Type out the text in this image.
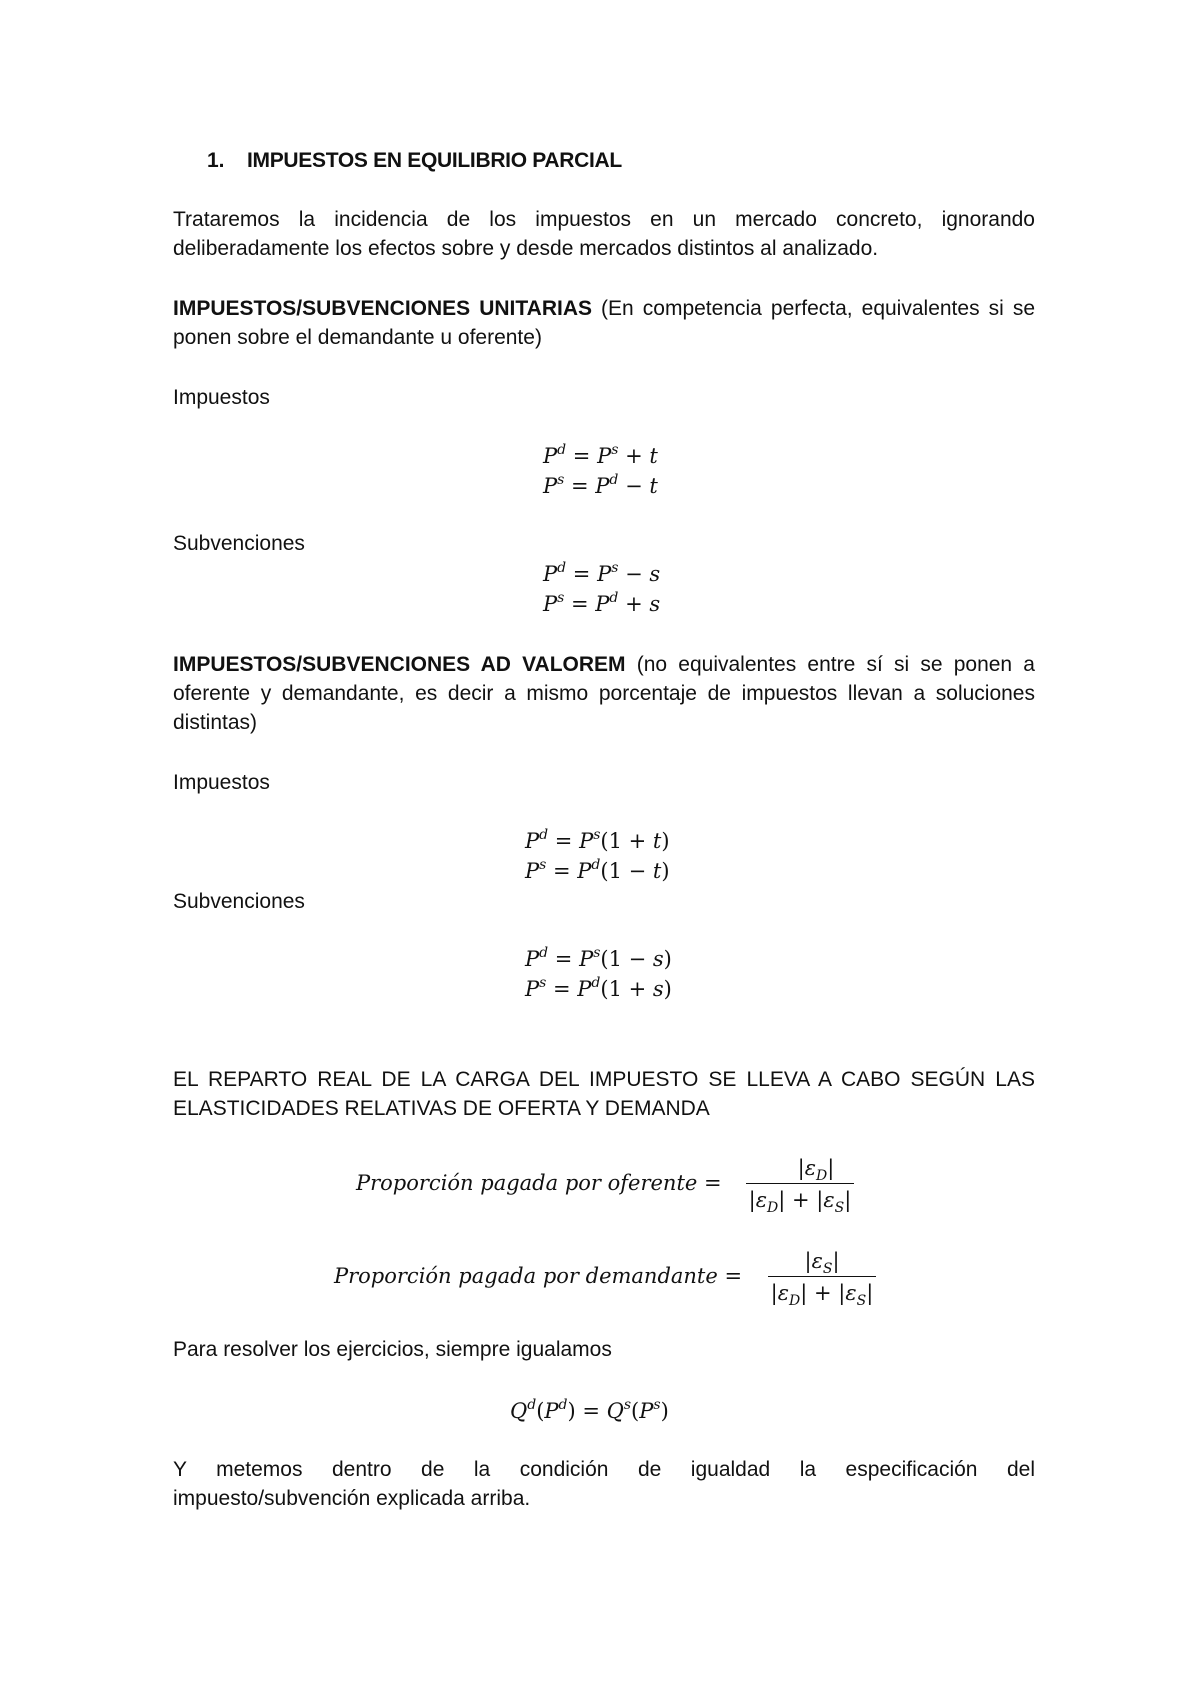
1. IMPUESTOS EN EQUILIBRIO PARCIAL
Trataremos la incidencia de los impuestos en un mercado concreto, ignorando deliberadamente los efectos sobre y desde mercados distintos al analizado.
IMPUESTOS/SUBVENCIONES UNITARIAS (En competencia perfecta, equivalentes si se
ponen sobre el demandante u oferente)
Impuestos
$P^d = P^s + t$
$P^s = P^d - t$
Subvenciones
$P^d = P^s - s$
$P^s = P^d + s$
IMPUESTOS/SUBVENCIONES AD VALOREM (no equivalentes entre sí si se ponen a
oferente y demandante, es decir a mismo porcentaje de impuestos llevan a soluciones
distintas)
Impuestos
$P^d = P^s(1 + t)$
$P^s = P^d(1 - t)$
Subvenciones
$P^d = P^s(1 - s)$
$P^s = P^d(1 + s)$
EL REPARTO REAL DE LA CARGA DEL IMPUESTO SE LLEVA A CABO SEGÚN LAS
ELASTICIDADES RELATIVAS DE OFERTA Y DEMANDA
Proporción pagada por oferente =
$|\varepsilon_D|$
$|\varepsilon_D| + |\varepsilon_S|$
Proporción pagada por demandante =
$|\varepsilon_S|$
$|\varepsilon_D| + |\varepsilon_S|$
Para resolver los ejercicios, siempre igualamos
$Q^d(P^d) = Q^s(P^s)$
Y metemos dentro de la condición de igualdad la especificación del
impuesto/subvención explicada arriba.
